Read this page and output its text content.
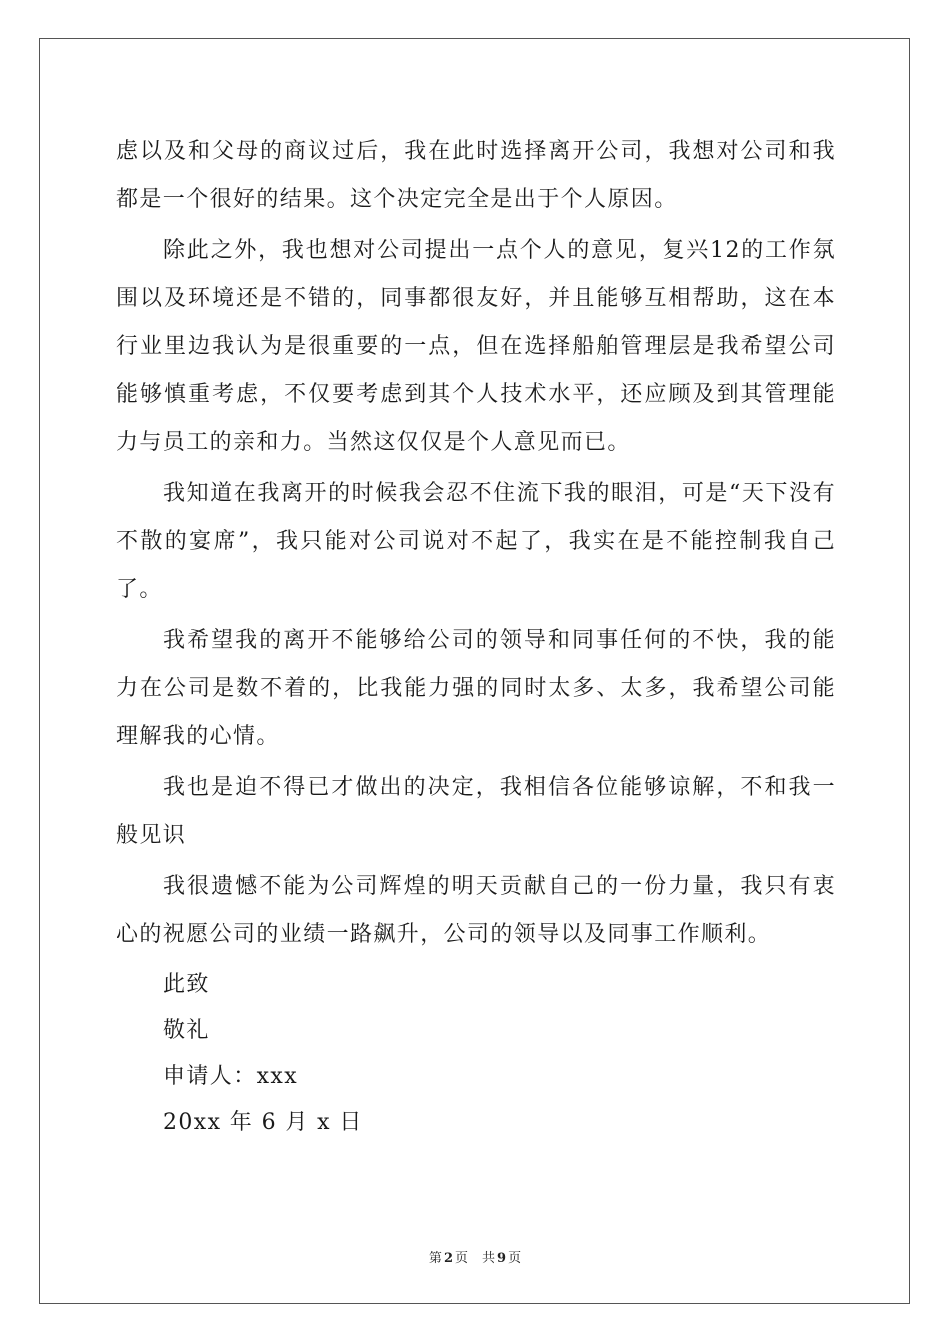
虑以及和父母的商议过后，我在此时选择离开公司，我想对公司和我都是一个很好的结果。这个决定完全是出于个人原因。

除此之外，我也想对公司提出一点个人的意见，复兴12的工作氛围以及环境还是不错的，同事都很友好，并且能够互相帮助，这在本行业里边我认为是很重要的一点，但在选择船舶管理层是我希望公司能够慎重考虑，不仅要考虑到其个人技术水平，还应顾及到其管理能力与员工的亲和力。当然这仅仅是个人意见而已。

我知道在我离开的时候我会忍不住流下我的眼泪，可是“天下没有不散的宴席”，我只能对公司说对不起了，我实在是不能控制我自己了。

我希望我的离开不能够给公司的领导和同事任何的不快，我的能力在公司是数不着的，比我能力强的同时太多、太多，我希望公司能理解我的心情。

我也是迫不得已才做出的决定，我相信各位能够谅解，不和我一般见识

我很遗憾不能为公司辉煌的明天贡献自己的一份力量，我只有衷心的祝愿公司的业绩一路飙升，公司的领导以及同事工作顺利。

此致

敬礼

申请人：xxx

20xx 年 6 月 x 日

第 2 页 共 9 页
